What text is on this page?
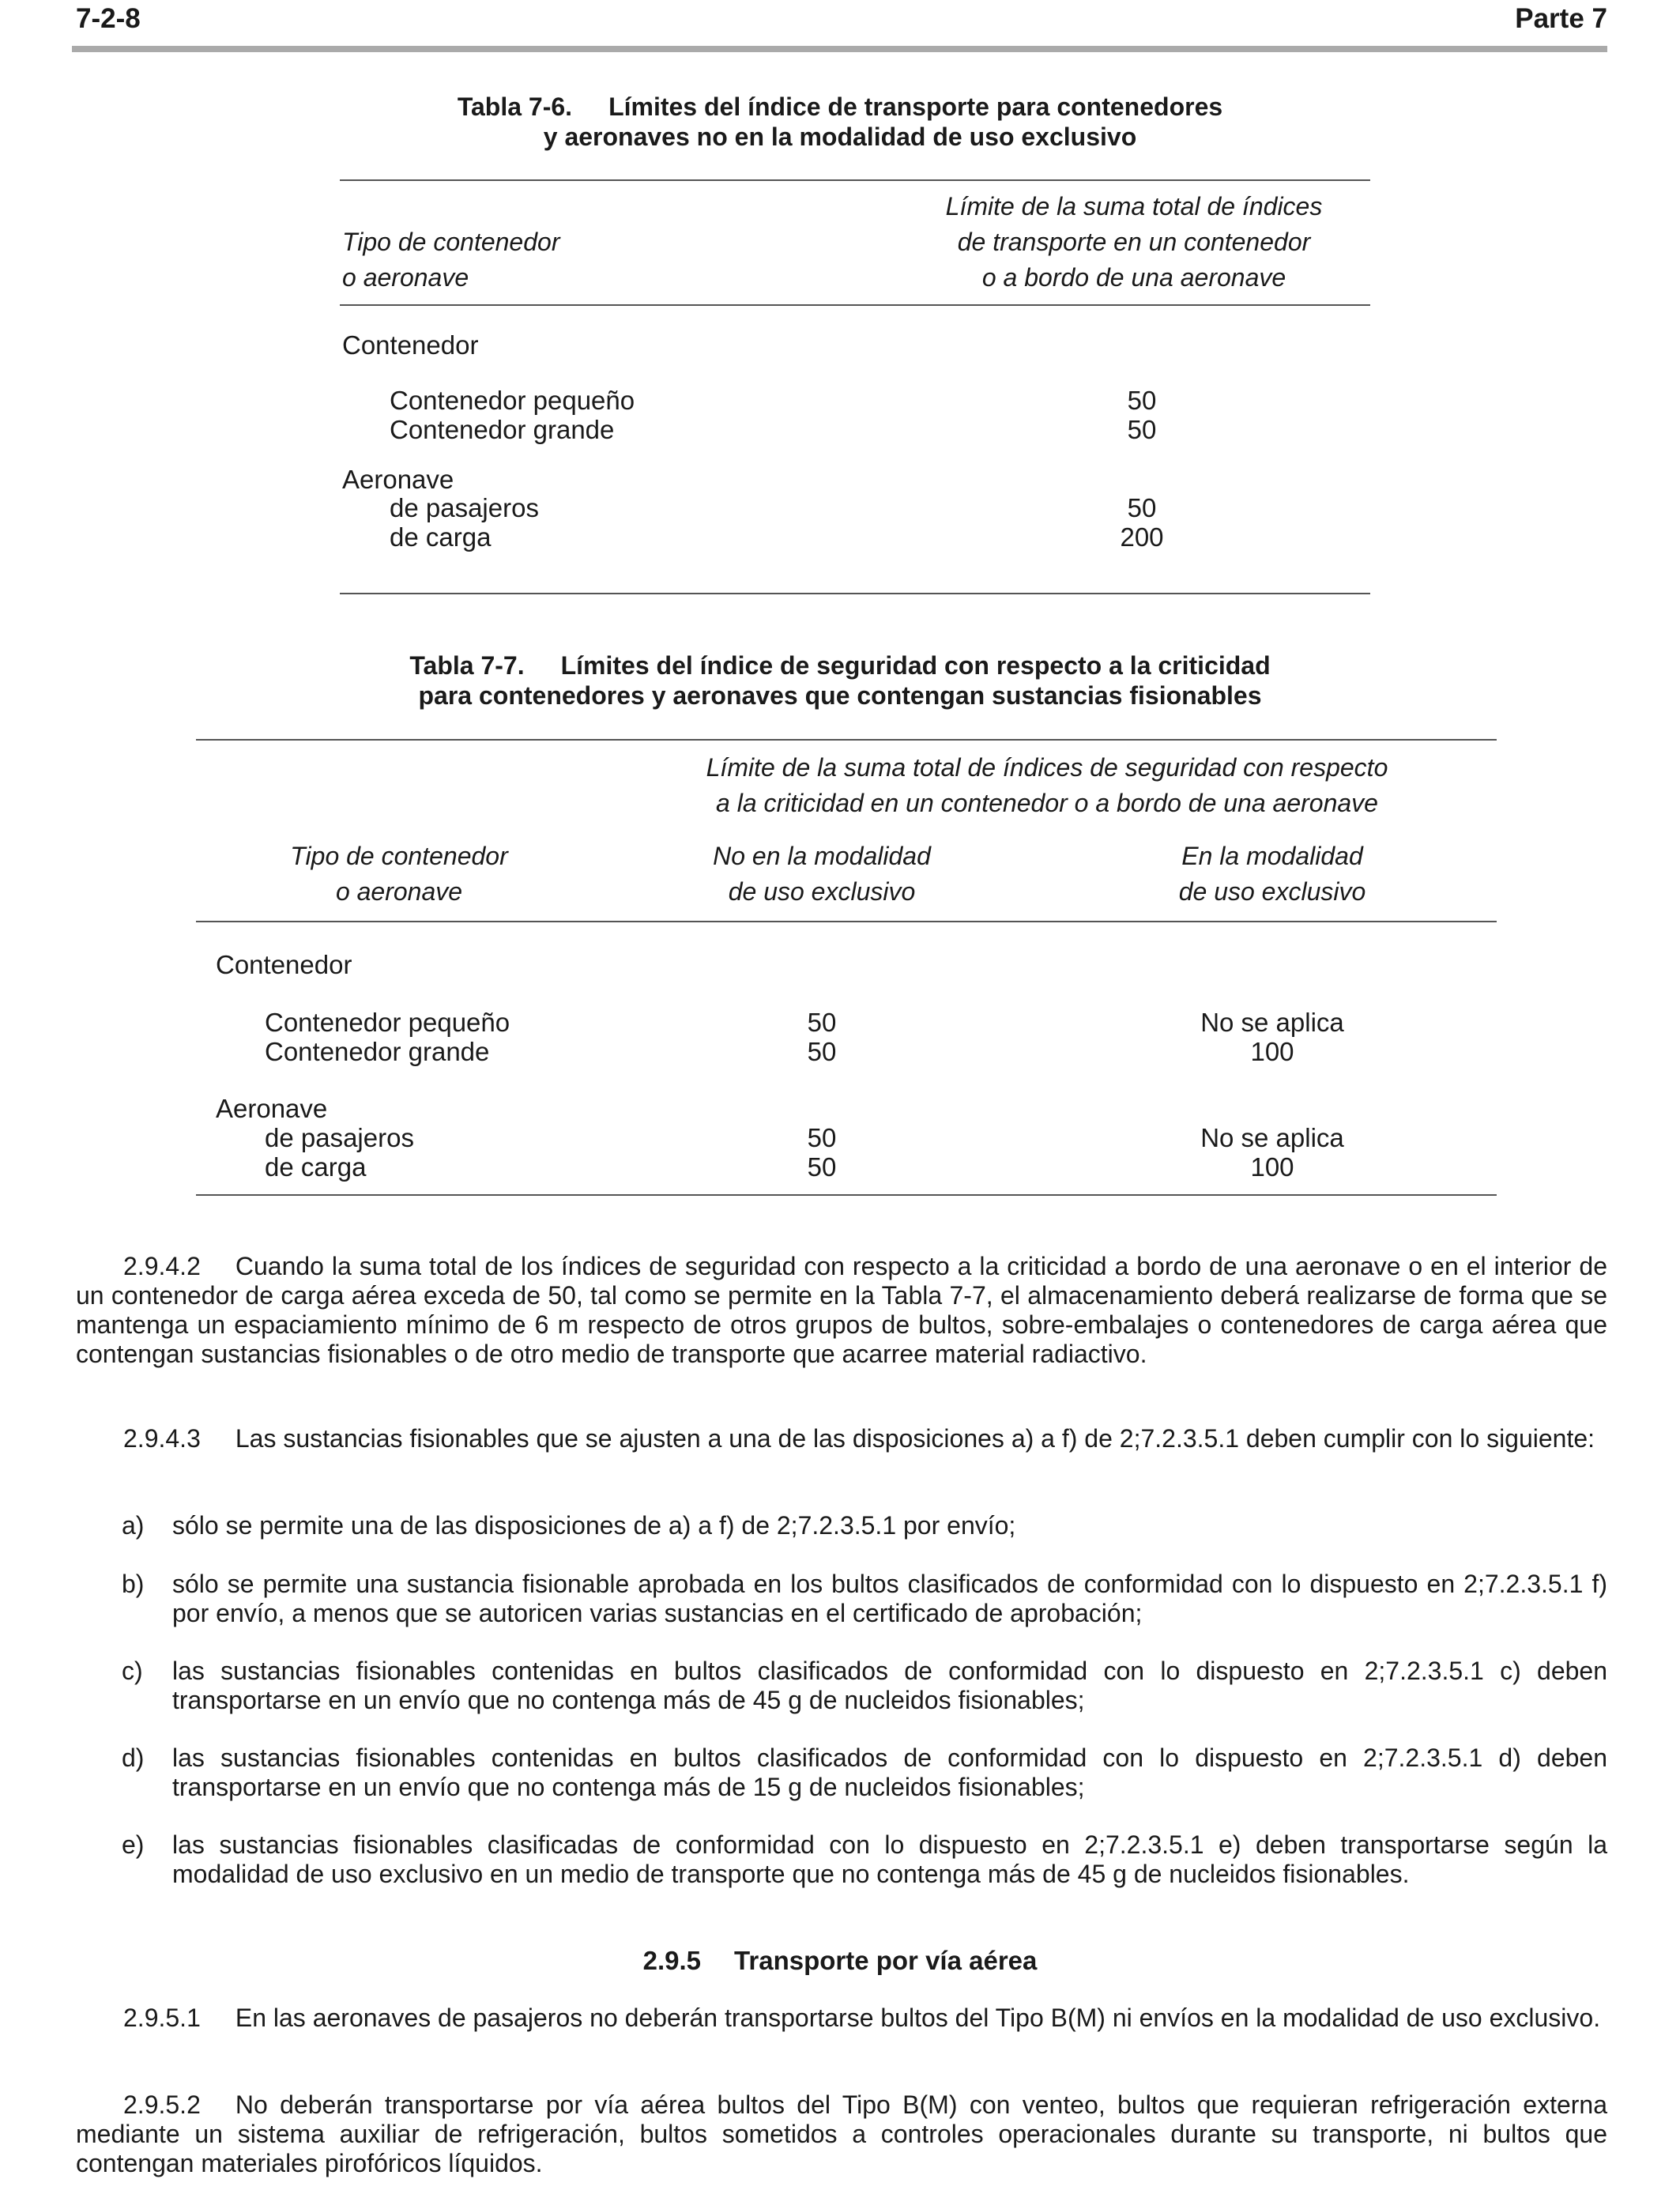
7-2-8	Parte 7
Tabla 7-6. Límites del índice de transporte para contenedores
y aeronaves no en la modalidad de uso exclusivo
Tipo de contenedor
o aeronave
Límite de la suma total de índices
de transporte en un contenedor
o a bordo de una aeronave
Contenedor
Contenedor pequeño	50
Contenedor grande	50
Aeronave
de pasajeros	50
de carga	200
Tabla 7-7. Límites del índice de seguridad con respecto a la criticidad
para contenedores y aeronaves que contengan sustancias fisionables
Límite de la suma total de índices de seguridad con respecto
a la criticidad en un contenedor o a bordo de una aeronave
Tipo de contenedor
o aeronave
No en la modalidad
de uso exclusivo
En la modalidad
de uso exclusivo
Contenedor
Contenedor pequeño	50	No se aplica
Contenedor grande	50	100
Aeronave
de pasajeros	50	No se aplica
de carga	50	100
2.9.4.2 Cuando la suma total de los índices de seguridad con respecto a la criticidad a bordo de una aeronave o en el interior de un contenedor de carga aérea exceda de 50, tal como se permite en la Tabla 7-7, el almacenamiento deberá realizarse de forma que se mantenga un espaciamiento mínimo de 6 m respecto de otros grupos de bultos, sobre-embalajes o contenedores de carga aérea que contengan sustancias fisionables o de otro medio de transporte que acarree material radiactivo.
2.9.4.3 Las sustancias fisionables que se ajusten a una de las disposiciones a) a f) de 2;7.2.3.5.1 deben cumplir con lo siguiente:
a) sólo se permite una de las disposiciones de a) a f) de 2;7.2.3.5.1 por envío;
b) sólo se permite una sustancia fisionable aprobada en los bultos clasificados de conformidad con lo dispuesto en 2;7.2.3.5.1 f) por envío, a menos que se autoricen varias sustancias en el certificado de aprobación;
c) las sustancias fisionables contenidas en bultos clasificados de conformidad con lo dispuesto en 2;7.2.3.5.1 c) deben transportarse en un envío que no contenga más de 45 g de nucleidos fisionables;
d) las sustancias fisionables contenidas en bultos clasificados de conformidad con lo dispuesto en 2;7.2.3.5.1 d) deben transportarse en un envío que no contenga más de 15 g de nucleidos fisionables;
e) las sustancias fisionables clasificadas de conformidad con lo dispuesto en 2;7.2.3.5.1 e) deben transportarse según la modalidad de uso exclusivo en un medio de transporte que no contenga más de 45 g de nucleidos fisionables.
2.9.5 Transporte por vía aérea
2.9.5.1 En las aeronaves de pasajeros no deberán transportarse bultos del Tipo B(M) ni envíos en la modalidad de uso exclusivo.
2.9.5.2 No deberán transportarse por vía aérea bultos del Tipo B(M) con venteo, bultos que requieran refrigeración externa mediante un sistema auxiliar de refrigeración, bultos sometidos a controles operacionales durante su transporte, ni bultos que contengan materiales pirofóricos líquidos.
